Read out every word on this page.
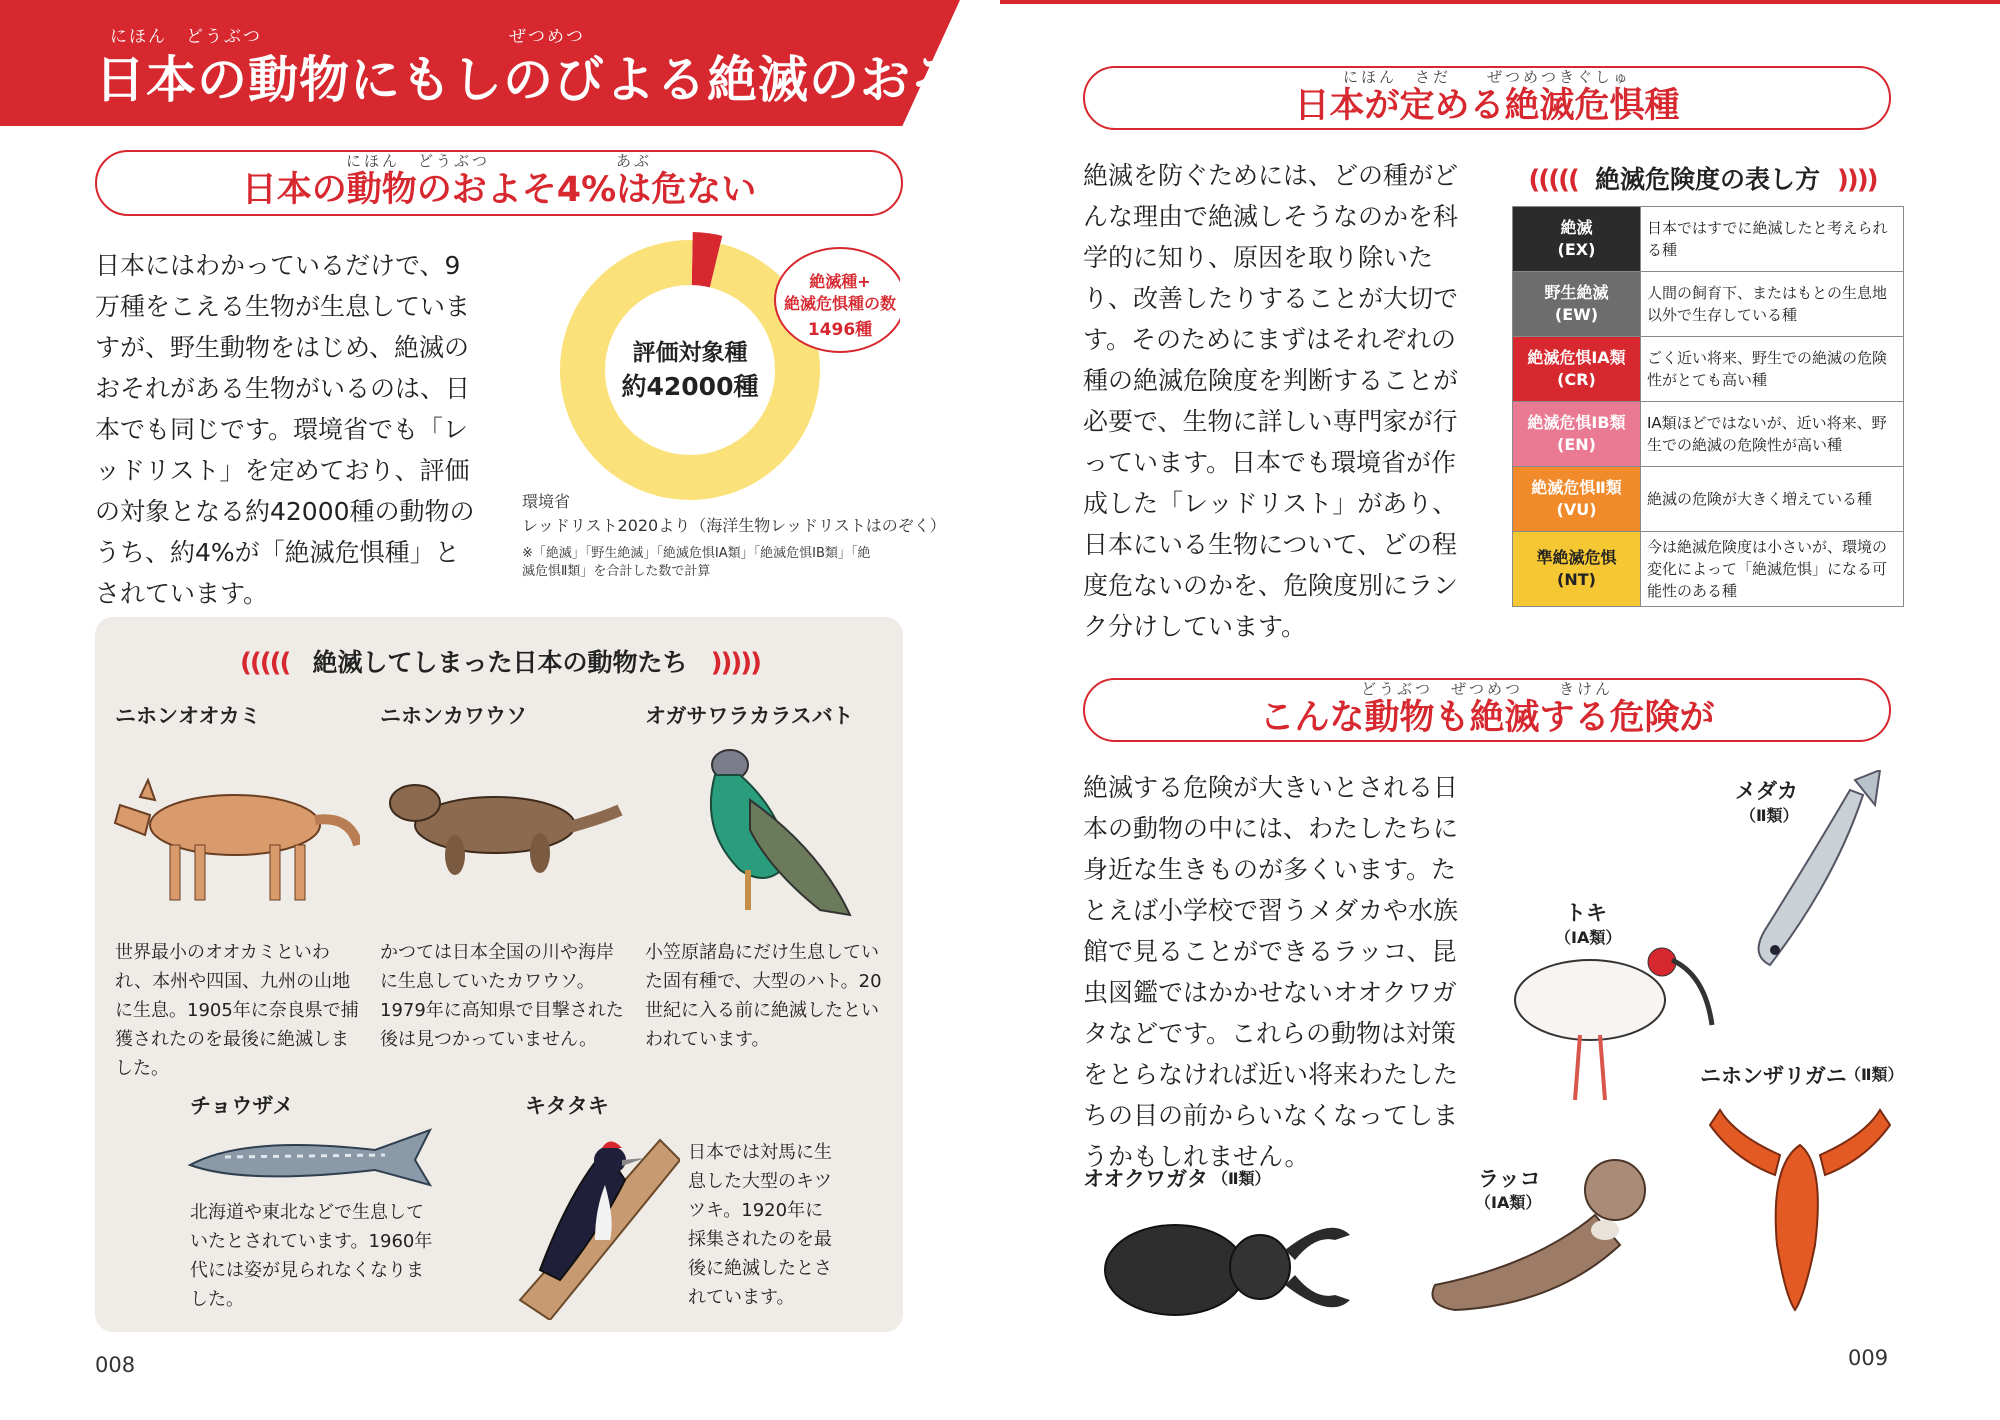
にほん　どうぶつ　　　　　　　　　　　　　ぜつめつ
日本の動物にもしのびよる絶滅のおそれ
にほん　どうぶつ　　　　　　　あぶ
日本の動物のおよそ4%は危ない
日本にはわかっているだけで、9万種をこえる生物が生息していますが、野生動物をはじめ、絶滅のおそれがある生物がいるのは、日本でも同じです。環境省でも「レッドリスト」を定めており、評価の対象となる約42000種の動物のうち、約4%が「絶滅危惧種」とされています。
評価対象種
約42000種
絶滅種+
絶滅危惧種の数
1496種
環境省
レッドリスト2020より（海洋生物レッドリストはのぞく）
※「絶滅」「野生絶滅」「絶滅危惧IA類」「絶滅危惧IB類」「絶滅危惧Ⅱ類」を合計した数で計算
((((( 絶滅してしまった日本の動物たち )))))
ニホンオオカミ
世界最小のオオカミといわれ、本州や四国、九州の山地に生息。1905年に奈良県で捕獲されたのを最後に絶滅しました。
ニホンカワウソ
かつては日本全国の川や海岸に生息していたカワウソ。1979年に高知県で目撃された後は見つかっていません。
オガサワラカラスバト
小笠原諸島にだけ生息していた固有種で、大型のハト。20世紀に入る前に絶滅したといわれています。
チョウザメ
北海道や東北などで生息していたとされています。1960年代には姿が見られなくなりました。
キタタキ
日本では対馬に生息した大型のキツツキ。1920年に採集されたのを最後に絶滅したとされています。
008
にほん　さだ　　ぜつめつきぐしゅ
日本が定める絶滅危惧種
絶滅を防ぐためには、どの種がどんな理由で絶滅しそうなのかを科学的に知り、原因を取り除いたり、改善したりすることが大切です。そのためにまずはそれぞれの種の絶滅危険度を判断することが必要で、生物に詳しい専門家が行っています。日本でも環境省が作成した「レッドリスト」があり、日本にいる生物について、どの程度危ないのかを、危険度別にランク分けしています。
((((( 絶滅危険度の表し方 ))))
絶滅
(EX)	日本ではすでに絶滅したと考えられる種

野生絶滅
(EW)	人間の飼育下、またはもとの生息地以外で生存している種

絶滅危惧ⅠA類
(CR)	ごく近い将来、野生での絶滅の危険性がとても高い種

絶滅危惧ⅠB類
(EN)	ⅠA類ほどではないが、近い将来、野生での絶滅の危険性が高い種

絶滅危惧Ⅱ類
(VU)	絶滅の危険が大きく増えている種

準絶滅危惧
(NT)	今は絶滅危険度は小さいが、環境の変化によって「絶滅危惧」になる可能性のある種
どうぶつ　ぜつめつ　　きけん
こんな動物も絶滅する危険が
絶滅する危険が大きいとされる日本の動物の中には、わたしたちに身近な生きものが多くいます。たとえば小学校で習うメダカや水族館で見ることができるラッコ、昆虫図鑑ではかかせないオオクワガタなどです。これらの動物は対策をとらなければ近い将来わたしたちの目の前からいなくなってしまうかもしれません。
メダカ
（Ⅱ類）
トキ
（ⅠA類）
ニホンザリガニ
（Ⅱ類）
オオクワガタ （Ⅱ類）	ラッコ
（ⅠA類）
009
